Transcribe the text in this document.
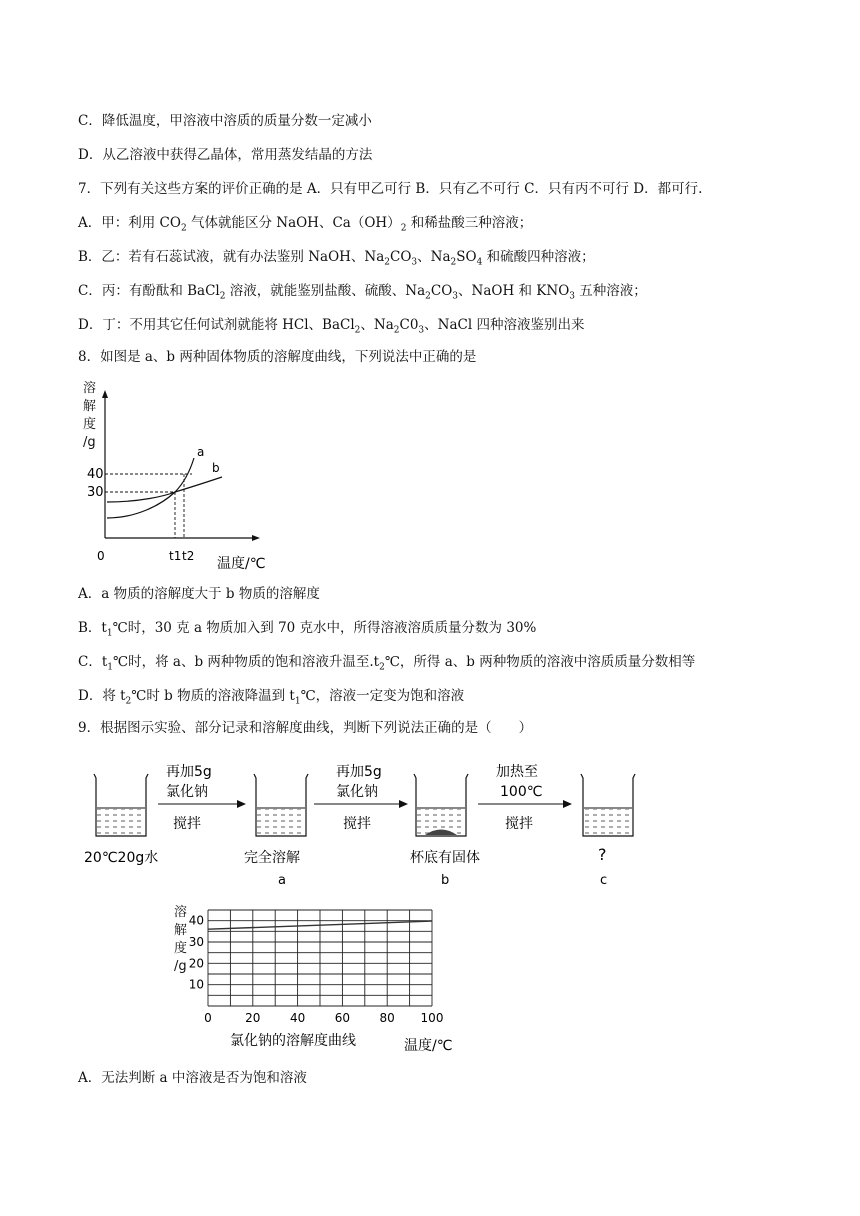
C．降低温度，甲溶液中溶质的质量分数一定减小
D．从乙溶液中获得乙晶体，常用蒸发结晶的方法
7．下列有关这些方案的评价正确的是 A．只有甲乙可行 B．只有乙不可行 C．只有丙不可行 D．都可行.
A．甲：利用 $CO_2$ 气体就能区分 NaOH、$Ca(OH)_2$ 和稀盐酸三种溶液；
B．乙：若有石蕊试液，就有办法鉴别 NaOH、$Na_2CO_3$、$Na_2SO_4$ 和硫酸四种溶液；
C．丙：有酚酞和 BaCl$_2$ 溶液，就能鉴别盐酸、硫酸、$Na_2CO_3$、NaOH 和 $KNO_3$ 五种溶液；
D．丁：不用其它任何试剂就能将 HCl、BaCl$_2$、$Na_2C0_3$、NaCl 四种溶液鉴别出来
8．如图是 a、b 两种固体物质的溶解度曲线，下列说法中正确的是
溶
解
度
/g
40
30
0
a
b
t1 t2 温度/℃
A．a 物质的溶解度大于 b 物质的溶解度
B．$t_1℃$时，30 克 a 物质加入到 70 克水中，所得溶液溶质质量分数为 30%
C．$t_1℃$时，将 a、b 两种物质的饱和溶液升温至$.t_2℃$，所得 a、b 两种物质的溶液中溶质质量分数相等
D．将 $t_2℃$时 b 物质的溶液降温到 $t_1℃$，溶液一定变为饱和溶液
9．根据图示实验、部分记录和溶解度曲线，判断下列说法正确的是（　　）
再加5g
氯化钠
搅拌
再加5g
氯化钠
搅拌
加热至
100℃
搅拌
20℃20g水	完全溶解
a
杯底有固体
b
?
c
10
20
30
40
0	20 40 60 80 100
溶
解
度
/g
氯化钠的溶解度曲线	温度/℃
A．无法判断 a 中溶液是否为饱和溶液
